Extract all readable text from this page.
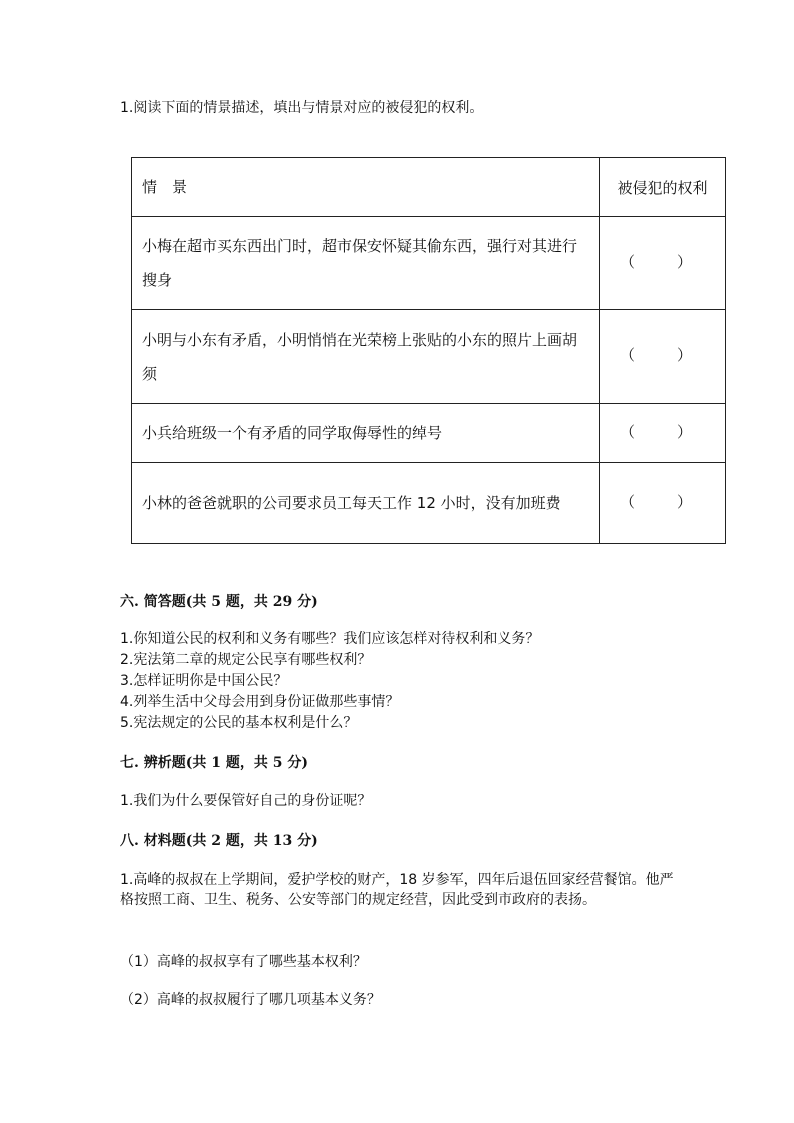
1.阅读下面的情景描述，填出与情景对应的被侵犯的权利。
情　景	被侵犯的权利
小梅在超市买东西出门时，超市保安怀疑其偷东西，强行对其进行搜身	（ ）

小明与小东有矛盾，小明悄悄在光荣榜上张贴的小东的照片上画胡须	（ ）

小兵给班级一个有矛盾的同学取侮辱性的绰号	（ ）

小林的爸爸就职的公司要求员工每天工作 12 小时，没有加班费	（ ）
六. 简答题(共 5 题，共 29 分)
1.你知道公民的权利和义务有哪些？我们应该怎样对待权利和义务？
2.宪法第二章的规定公民享有哪些权利？
3.怎样证明你是中国公民？
4.列举生活中父母会用到身份证做那些事情？
5.宪法规定的公民的基本权利是什么？
七. 辨析题(共 1 题，共 5 分)
1.我们为什么要保管好自己的身份证呢？
八. 材料题(共 2 题，共 13 分)
1.高峰的叔叔在上学期间，爱护学校的财产，18 岁参军，四年后退伍回家经营餐馆。他严格按照工商、卫生、税务、公安等部门的规定经营，因此受到市政府的表扬。
（1）高峰的叔叔享有了哪些基本权利？
（2）高峰的叔叔履行了哪几项基本义务？
